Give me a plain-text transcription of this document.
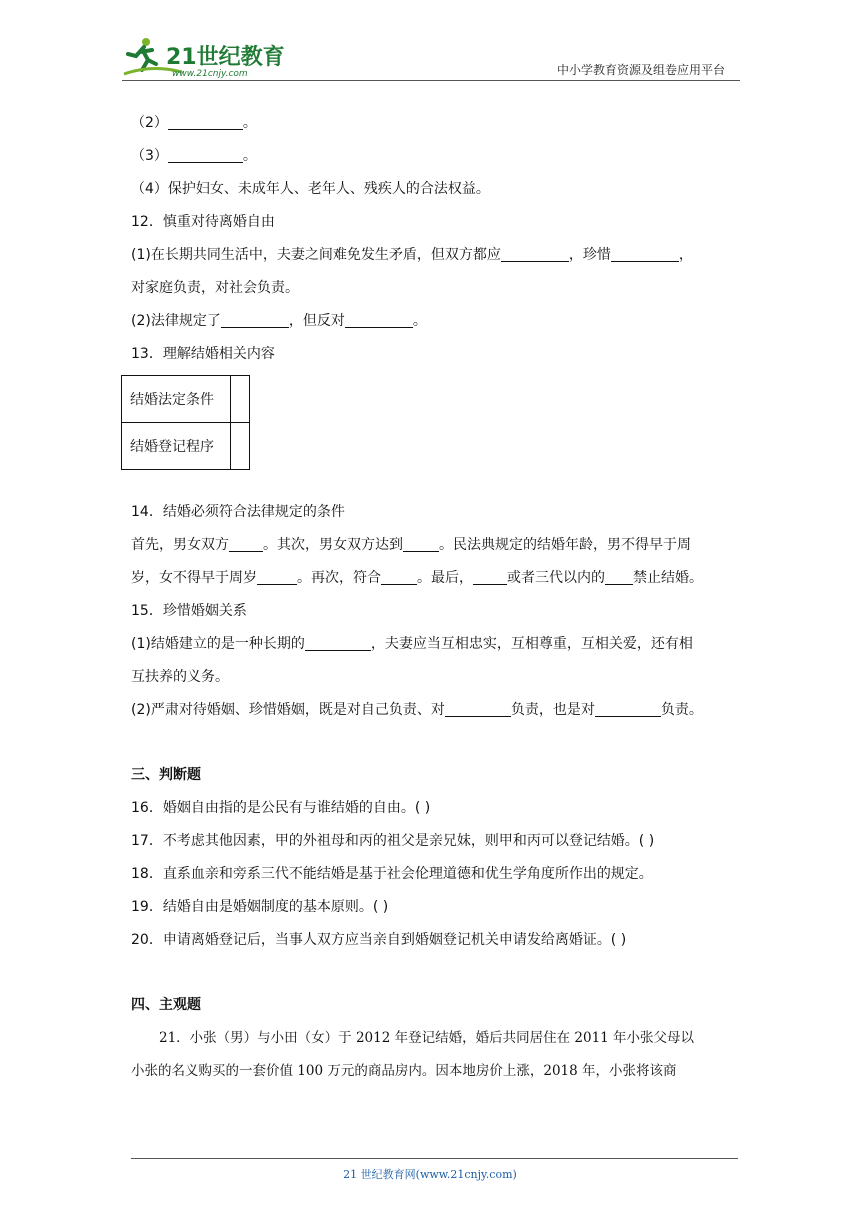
21世纪教育
www.21cnjy.com	中小学教育资源及组卷应用平台
（2）	。
（3）	。
（4）保护妇女、未成年人、老年人、残疾人的合法权益。
12．慎重对待离婚自由
(1)在长期共同生活中，夫妻之间难免发生矛盾，但双方都应	，珍惜	，
对家庭负责，对社会负责。
(2)法律规定了	，但反对	。
13．理解结婚相关内容
结婚法定条件	
结婚登记程序	
14．结婚必须符合法律规定的条件
首先，男女双方 。其次，男女双方达到	。民法典规定的结婚年龄，男不得早于周
岁，女不得早于周岁	。再次，符合	。最后， 或者三代以内的 禁止结婚。
15．珍惜婚姻关系
(1)结婚建立的是一种长期的	，夫妻应当互相忠实，互相尊重，互相关爱，还有相
互扶养的义务。
(2)严肃对待婚姻、珍惜婚姻，既是对自己负责、对	负责，也是对	负责。
三、判断题
16．婚姻自由指的是公民有与谁结婚的自由。( )
17．不考虑其他因素，甲的外祖母和丙的祖父是亲兄妹，则甲和丙可以登记结婚。( )
18．直系血亲和旁系三代不能结婚是基于社会伦理道德和优生学角度所作出的规定。
19．结婚自由是婚姻制度的基本原则。( )
20．申请离婚登记后，当事人双方应当亲自到婚姻登记机关申请发给离婚证。( )
四、主观题
21．小张（男）与小田（女）于 2012 年登记结婚，婚后共同居住在 2011 年小张父母以
小张的名义购买的一套价值 100 万元的商品房内。因本地房价上涨，2018 年，小张将该商
21 世纪教育网(www.21cnjy.com)
